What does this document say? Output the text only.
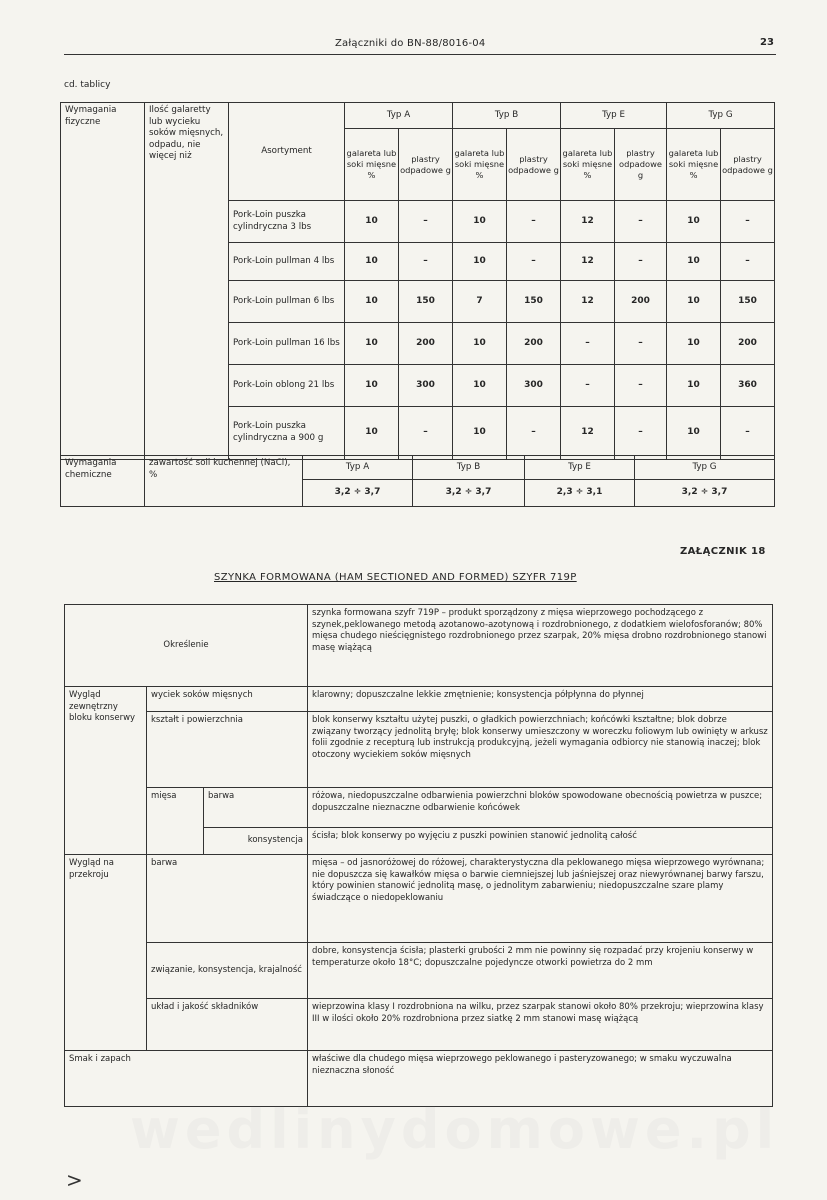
Załączniki do BN-88/8016-04	23
cd. tablicy
Wymagania fizyczne	Ilość galaretty lub wycieku soków mięsnych, odpadu, nie więcej niż	Asortyment	Typ A		Typ B		Typ E		Typ G	
			galareta lub soki mięsne %	plastry odpadowe g	galareta lub soki mięsne %	plastry odpadowe g	galareta lub soki mięsne %	plastry odpadowe g	galareta lub soki mięsne %	plastry odpadowe g
		Pork-Loin puszka cylindryczna 3 lbs	10	–	10	–	12	–	10	–
		Pork-Loin pullman 4 lbs	10	–	10	–	12	–	10	–
		Pork-Loin pullman 6 lbs	10	150	7	150	12	200	10	150
		Pork-Loin pullman 16 lbs	10	200	10	200	–	–	10	200
		Pork-Loin oblong 21 lbs	10	300	10	300	–	–	10	360
		Pork-Loin puszka cylindryczna a 900 g	10	–	10	–	12	–	10	–
Wymagania chemiczne	zawartość soli kuchennej (NaCl), %	Typ A	Typ B	Typ E	Typ G
		3,2 ÷ 3,7	3,2 ÷ 3,7	2,3 ÷ 3,1	3,2 ÷ 3,7
ZAŁĄCZNIK 18
SZYNKA FORMOWANA (HAM SECTIONED AND FORMED) SZYFR 719P
Określenie			szynka formowana szyfr 719P – produkt sporządzony z mięsa wieprzowego pochodzącego z szynek,peklowanego metodą azotanowo-azotynową i rozdrobnionego, z dodatkiem wielofosforanów; 80% mięsa chudego nieścięgnistego rozdrobnionego przez szarpak, 20% mięsa drobno rozdrobnionego stanowi masę wiążącą
Wygląd zewnętrzny bloku konserwy	wyciek soków mięsnych		klarowny; dopuszczalne lekkie zmętnienie; konsystencja półpłynna do płynnej
	kształt i powierzchnia		blok konserwy kształtu użytej puszki, o gładkich powierzchniach; końcówki kształtne; blok dobrze związany tworzący jednolitą bryłę; blok konserwy umieszczony w woreczku foliowym lub owinięty w arkusz folii zgodnie z recepturą lub instrukcją produkcyjną, jeżeli wymagania odbiorcy nie stanowią inaczej; blok otoczony wyciekiem soków mięsnych
	mięsa	barwa	różowa, niedopuszczalne odbarwienia powierzchni bloków spowodowane obecnością powietrza w puszce; dopuszczalne nieznaczne odbarwienie końcówek
		konsystencja	ścisła; blok konserwy po wyjęciu z puszki powinien stanowić jednolitą całość
Wygląd na przekroju	barwa		mięsa – od jasnoróżowej do różowej, charakterystyczna dla peklowanego mięsa wieprzowego wyrównana; nie dopuszcza się kawałków mięsa o barwie ciemniejszej lub jaśniejszej oraz niewyrównanej barwy farszu, który powinien stanowić jednolitą masę, o jednolitym zabarwieniu; niedopuszczalne szare plamy świadczące o niedopeklowaniu
	związanie, konsystencja, krajalność		dobre, konsystencja ścisła; plasterki grubości 2 mm nie powinny się rozpadać przy krojeniu konserwy w temperaturze około 18°C; dopuszczalne pojedyncze otworki powietrza do 2 mm
	układ i jakość składników		wieprzowina klasy I rozdrobniona na wilku, przez szarpak stanowi około 80% przekroju; wieprzowina klasy III w ilości około 20% rozdrobniona przez siatkę 2 mm stanowi masę wiążącą
Smak i zapach			właściwe dla chudego mięsa wieprzowego peklowanego i pasteryzowanego; w smaku wyczuwalna nieznaczna słoność
wedlinydomowe.pl
>
